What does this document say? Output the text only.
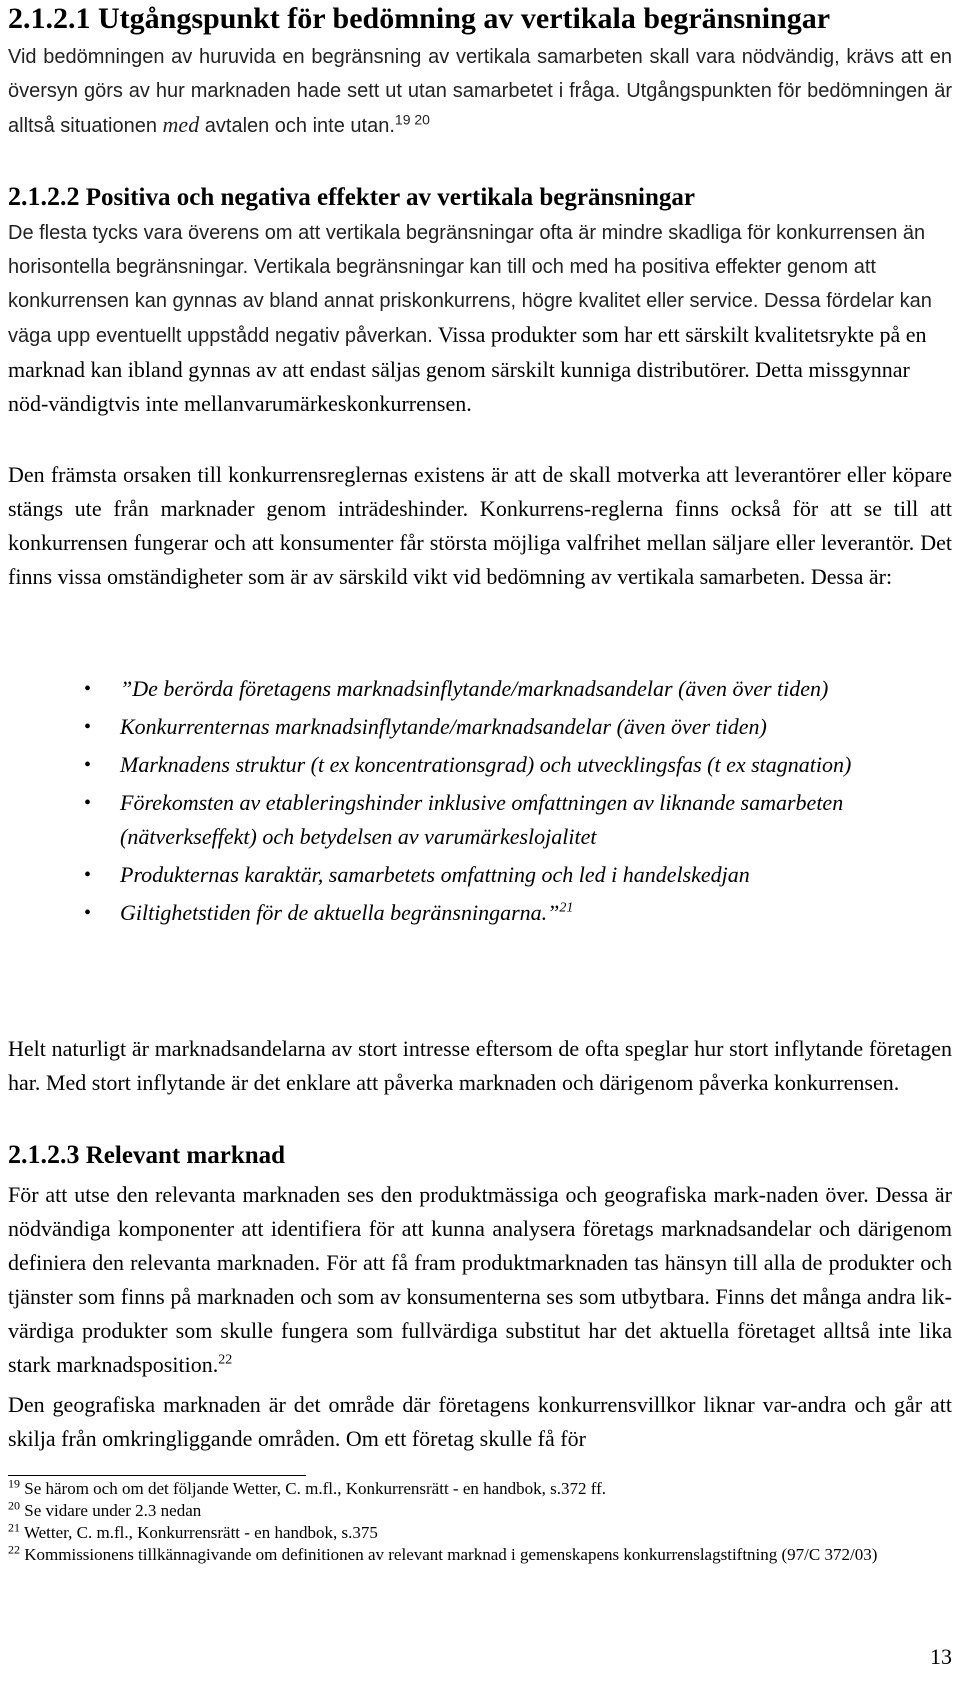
2.1.2.1 Utgångspunkt för bedömning av vertikala begränsningar

Vid bedömningen av huruvida en begränsning av vertikala samarbeten skall vara nödvändig, krävs att en översyn görs av hur marknaden hade sett ut utan samarbetet i fråga. Utgångspunkten för bedömningen är alltså situationen med avtalen och inte utan.$^{19 20}$

2.1.2.2 Positiva och negativa effekter av vertikala begränsningar

De flesta tycks vara överens om att vertikala begränsningar ofta är mindre skadliga för konkurrensen än horisontella begränsningar. Vertikala begränsningar kan till och med ha positiva effekter genom att konkurrensen kan gynnas av bland annat priskonkurrens, högre kvalitet eller service. Dessa fördelar kan väga upp eventuellt uppstådd negativ påverkan. Vissa produkter som har ett särskilt kvalitetsrykte på en marknad kan ibland gynnas av att endast säljas genom särskilt kunniga distributörer. Detta missgynnar nöd-vändigtvis inte mellanvarumärkeskonkurrensen.

Den främsta orsaken till konkurrensreglernas existens är att de skall motverka att leverantörer eller köpare stängs ute från marknader genom inträdeshinder. Konkurrens-reglerna finns också för att se till att konkurrensen fungerar och att konsumenter får största möjliga valfrihet mellan säljare eller leverantör. Det finns vissa omständigheter som är av särskild vikt vid bedömning av vertikala samarbeten. Dessa är:

• ”De berörda företagens marknadsinflytande/marknadsandelar (även över tiden)
• Konkurrenternas marknadsinflytande/marknadsandelar (även över tiden)
• Marknadens struktur (t ex koncentrationsgrad) och utvecklingsfas (t ex stagnation)
• Förekomsten av etableringshinder inklusive omfattningen av liknande samarbeten (nätverkseffekt) och betydelsen av varumärkeslojalitet
• Produkternas karaktär, samarbetets omfattning och led i handelskedjan
• Giltighetstiden för de aktuella begränsningarna.”$^{21}$

Helt naturligt är marknadsandelarna av stort intresse eftersom de ofta speglar hur stort inflytande företagen har. Med stort inflytande är det enklare att påverka marknaden och därigenom påverka konkurrensen.

2.1.2.3 Relevant marknad

För att utse den relevanta marknaden ses den produktmässiga och geografiska mark-naden över. Dessa är nödvändiga komponenter att identifiera för att kunna analysera företags marknadsandelar och därigenom definiera den relevanta marknaden. För att få fram produktmarknaden tas hänsyn till alla de produkter och tjänster som finns på marknaden och som av konsumenterna ses som utbytbara. Finns det många andra lik-värdiga produkter som skulle fungera som fullvärdiga substitut har det aktuella företaget alltså inte lika stark marknadsposition.$^{22}$

Den geografiska marknaden är det område där företagens konkurrensvillkor liknar var-andra och går att skilja från omkringliggande områden. Om ett företag skulle få för

$^{19}$ Se härom och om det följande Wetter, C. m.fl., Konkurrensrätt - en handbok, s.372 ff.

$^{20}$ Se vidare under 2.3 nedan

$^{21}$ Wetter, C. m.fl., Konkurrensrätt - en handbok, s.375

$^{22}$ Kommissionens tillkännagivande om definitionen av relevant marknad i gemenskapens konkurrenslagstiftning (97/C 372/03)

13
